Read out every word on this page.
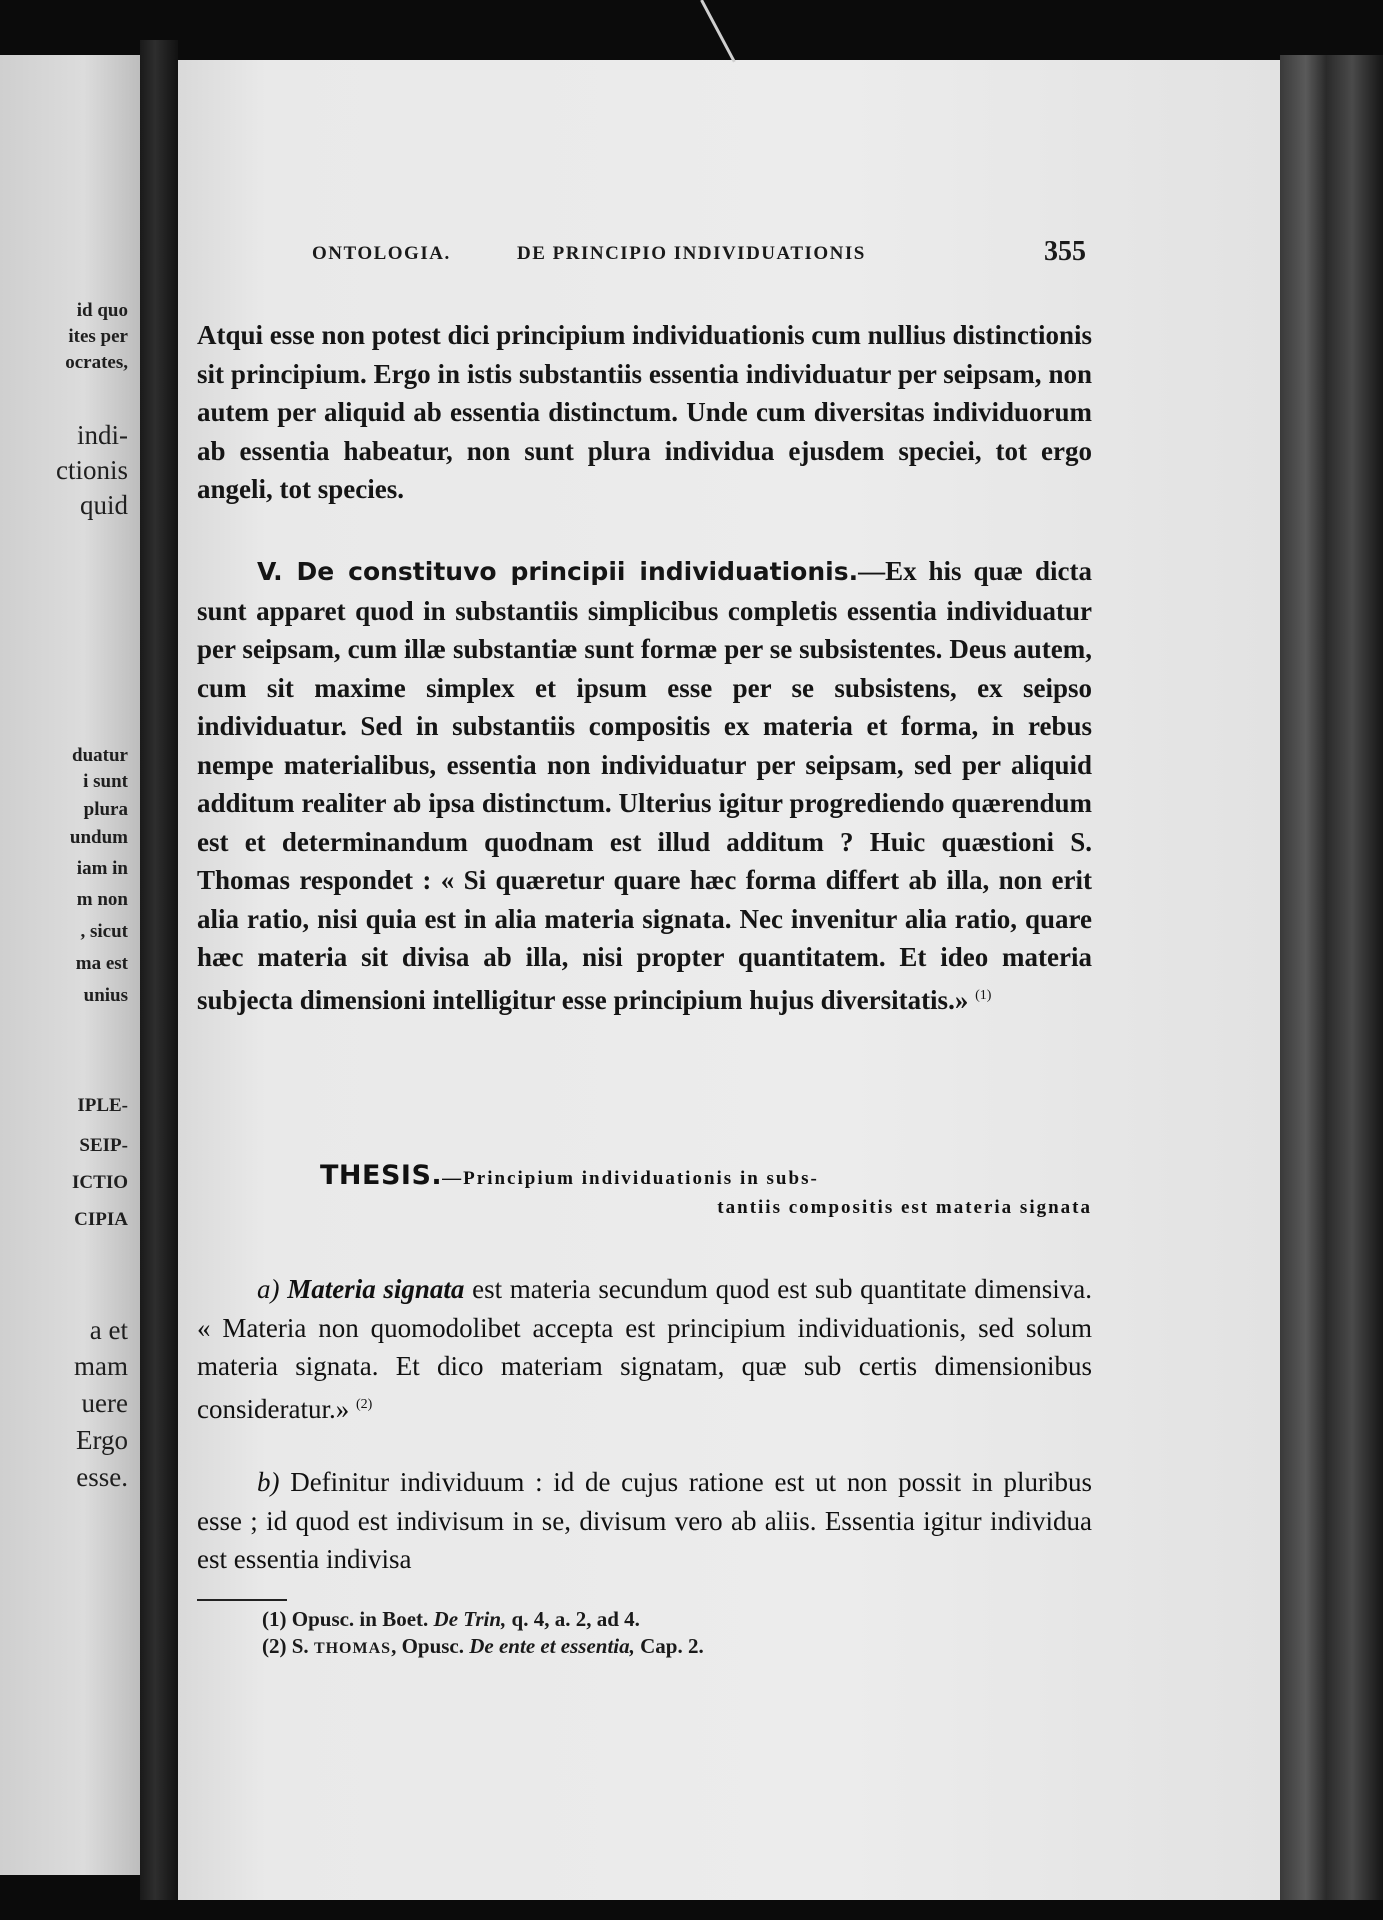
id quo

ites per

ocrates,

indi-

ctionis

quid

duatur

i sunt

plura

undum

iam in

m non

, sicut

ma est

unius

IPLE-

SEIP-

ICTIO

CIPIA

a et

mam

uere

Ergo

esse.

ONTOLOGIA.	DE PRINCIPIO INDIVIDUATIONIS	355

Atqui esse non potest dici principium individuationis cum nullius distinctionis sit principium. Ergo in istis substantiis essentia individuatur per seipsam, non autem per aliquid ab essentia distinctum. Unde cum diversitas individuorum ab essentia habeatur, non sunt plura individua ejusdem speciei, tot ergo angeli, tot species.

V. De constituvo principii individuationis.—Ex his quæ dicta sunt apparet quod in substantiis simplicibus completis essentia individuatur per seipsam, cum illæ substantiæ sunt formæ per se subsistentes. Deus autem, cum sit maxime simplex et ipsum esse per se subsistens, ex seipso individuatur. Sed in substantiis compositis ex materia et forma, in rebus nempe materialibus, essentia non individuatur per seipsam, sed per aliquid additum realiter ab ipsa distinctum. Ulterius igitur progrediendo quærendum est et determinandum quodnam est illud additum ? Huic quæstioni S. Thomas respondet : « Si quæretur quare hæc forma differt ab illa, non erit alia ratio, nisi quia est in alia materia signata. Nec invenitur alia ratio, quare hæc materia sit divisa ab illa, nisi propter quantitatem. Et ideo materia subjecta dimensioni intelligitur esse principium hujus diversitatis.» $^{(1)}$

THESIS.—Principium individuationis in subs-
tantiis compositis est materia signata

a) Materia signata est materia secundum quod est sub quantitate dimensiva. « Materia non quomodolibet accepta est principium individuationis, sed solum materia signata. Et dico materiam signatam, quæ sub certis dimensionibus consideratur.» $^{(2)}$

b) Definitur individuum : id de cujus ratione est ut non possit in pluribus esse ; id quod est indivisum in se, divisum vero ab aliis. Essentia igitur individua est essentia indivisa

(1) Opusc. in Boet. De Trin, q. 4, a. 2, ad 4.

(2) S. THOMAS, Opusc. De ente et essentia, Cap. 2.
